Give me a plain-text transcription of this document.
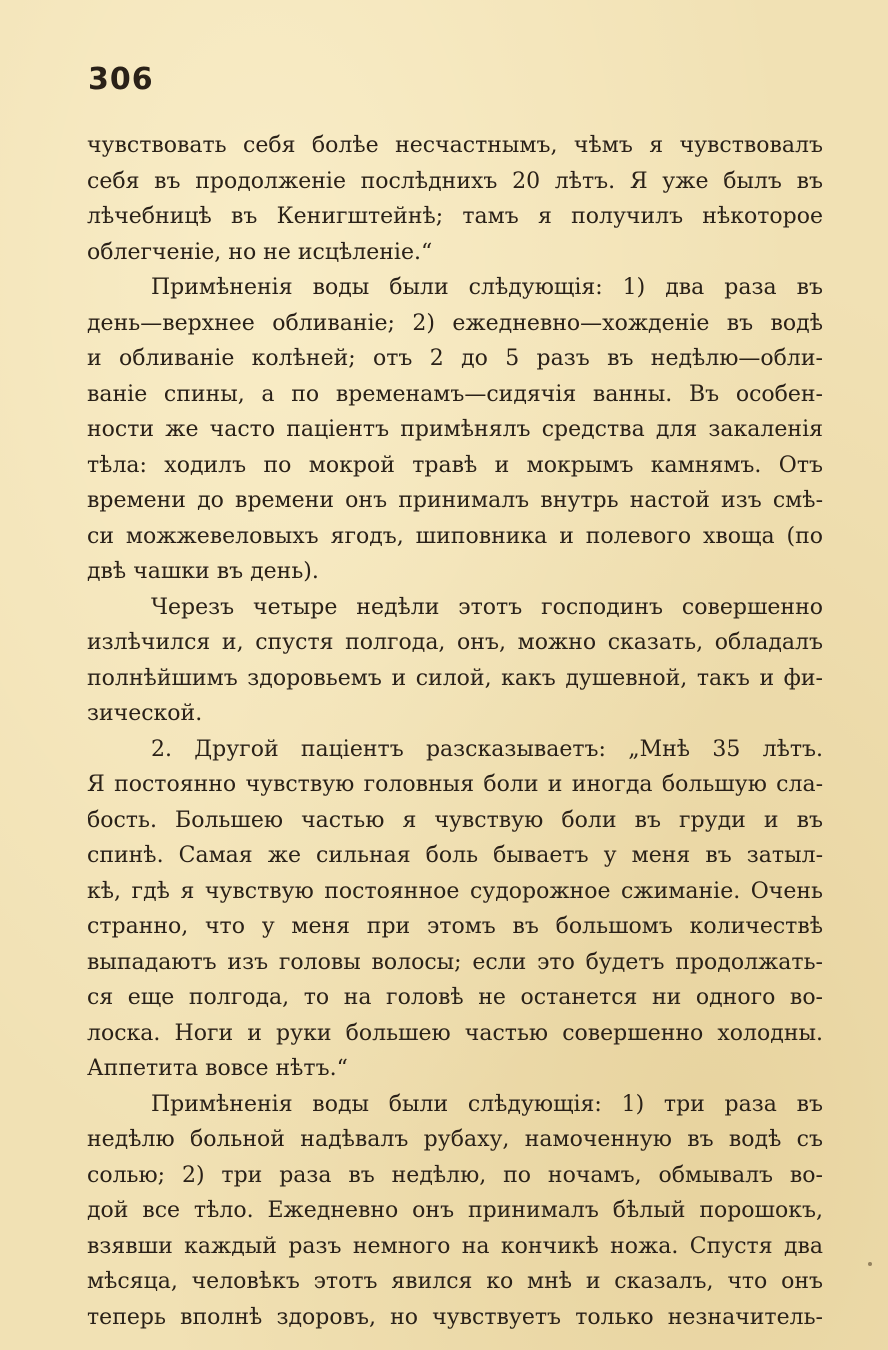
306
чувствовать себя болѣе несчастнымъ, чѣмъ я чувствовалъ
себя въ продолженіе послѣднихъ 20 лѣтъ. Я уже былъ въ
лѣчебницѣ въ Кенигштейнѣ; тамъ я получилъ нѣкоторое
облегченіе, но не исцѣленіе.“
Примѣненія воды были слѣдующія: 1) два раза въ
день—верхнее обливаніе; 2) ежедневно—хожденіе въ водѣ
и обливаніе колѣней; отъ 2 до 5 разъ въ недѣлю—обли-
ваніе спины, а по временамъ—сидячія ванны. Въ особен-
ности же часто паціентъ примѣнялъ средства для закаленія
тѣла: ходилъ по мокрой травѣ и мокрымъ камнямъ. Отъ
времени до времени онъ принималъ внутрь настой изъ смѣ-
си можжевеловыхъ ягодъ, шиповника и полевого хвоща (по
двѣ чашки въ день).
Черезъ четыре недѣли этотъ господинъ совершенно
излѣчился и, спустя полгода, онъ, можно сказать, обладалъ
полнѣйшимъ здоровьемъ и силой, какъ душевной, такъ и фи-
зической.
2. Другой паціентъ разсказываетъ: „Мнѣ 35 лѣтъ.
Я постоянно чувствую головныя боли и иногда большую сла-
бость. Большею частью я чувствую боли въ груди и въ
спинѣ. Самая же сильная боль бываетъ у меня въ затыл-
кѣ, гдѣ я чувствую постоянное судорожное сжиманіе. Очень
странно, что у меня при этомъ въ большомъ количествѣ
выпадаютъ изъ головы волосы; если это будетъ продолжать-
ся еще полгода, то на головѣ не останется ни одного во-
лоска. Ноги и руки большею частью совершенно холодны.
Аппетита вовсе нѣтъ.“
Примѣненія воды были слѣдующія: 1) три раза въ
недѣлю больной надѣвалъ рубаху, намоченную въ водѣ съ
солью; 2) три раза въ недѣлю, по ночамъ, обмывалъ во-
дой все тѣло. Ежедневно онъ принималъ бѣлый порошокъ,
взявши каждый разъ немного на кончикѣ ножа. Спустя два
мѣсяца, человѣкъ этотъ явился ко мнѣ и сказалъ, что онъ
теперь вполнѣ здоровъ, но чувствуетъ только незначитель-
